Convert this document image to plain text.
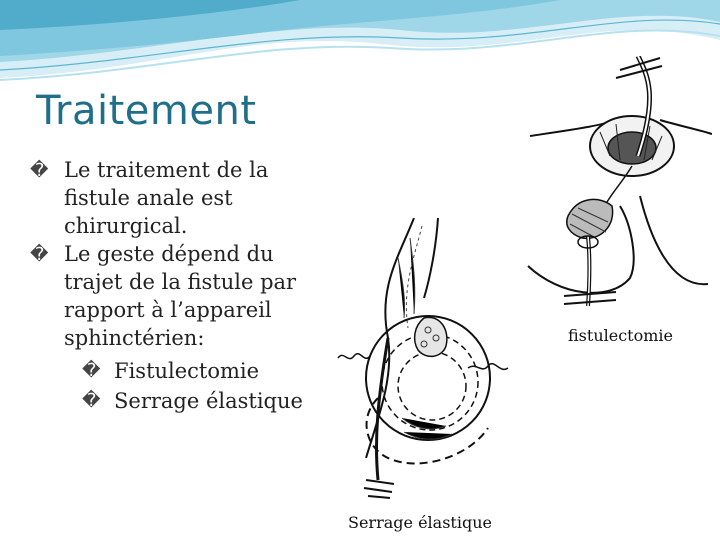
Traitement

� Le traitement de la fistule anale est chirurgical.

� Le geste dépend du trajet de la fistule par rapport à l’appareil sphinctérien:

� Fistulectomie
� Serrage élastique
fistulectomie
Serrage élastique
